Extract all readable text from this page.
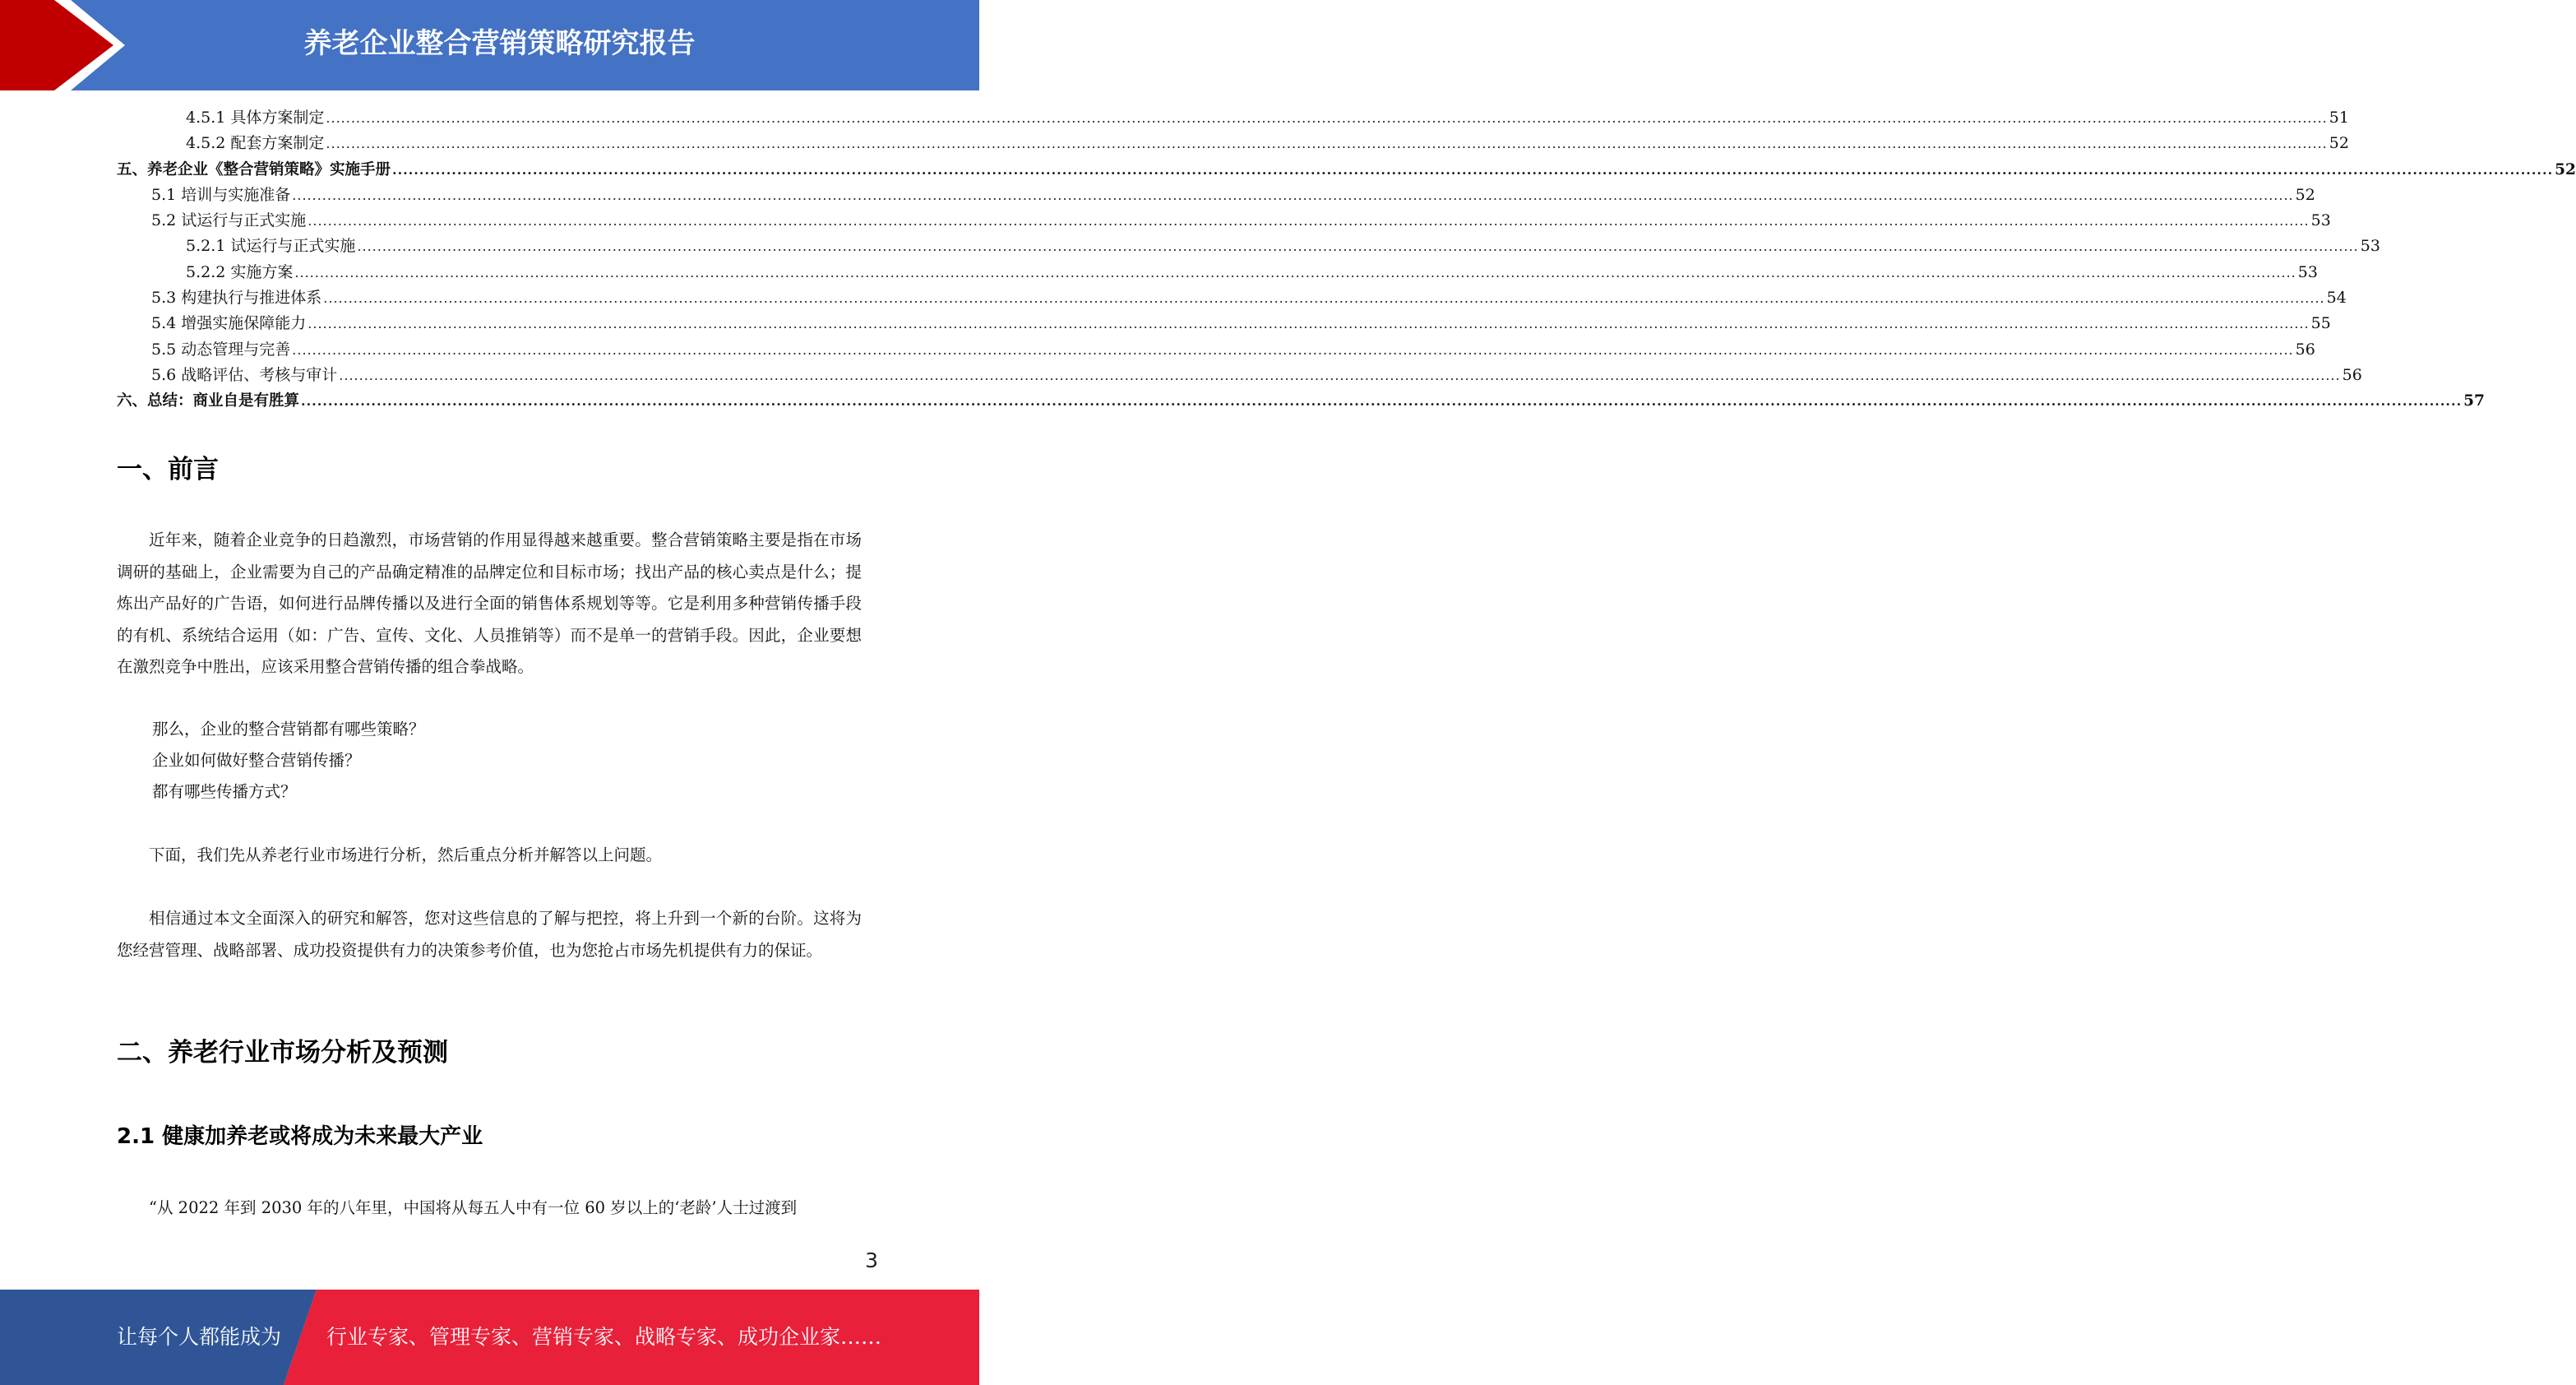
养老企业整合营销策略研究报告
4.5.1 具体方案制定 ................................................................................................................................................................................................................................................................................................................................................................................................................ 51
4.5.2 配套方案制定 ................................................................................................................................................................................................................................................................................................................................................................................................................ 52
五、养老企业《整合营销策略》实施手册 ................................................................................................................................................................................................................................................................................................................................................................................................................ 52
5.1 培训与实施准备 ................................................................................................................................................................................................................................................................................................................................................................................................................ 52
5.2 试运行与正式实施 ................................................................................................................................................................................................................................................................................................................................................................................................................ 53
5.2.1 试运行与正式实施 ................................................................................................................................................................................................................................................................................................................................................................................................................ 53
5.2.2 实施方案 ................................................................................................................................................................................................................................................................................................................................................................................................................ 53
5.3 构建执行与推进体系 ................................................................................................................................................................................................................................................................................................................................................................................................................ 54
5.4 增强实施保障能力 ................................................................................................................................................................................................................................................................................................................................................................................................................ 55
5.5 动态管理与完善 ................................................................................................................................................................................................................................................................................................................................................................................................................ 56
5.6 战略评估、考核与审计 ................................................................................................................................................................................................................................................................................................................................................................................................................ 56
六、总结：商业自是有胜算 ................................................................................................................................................................................................................................................................................................................................................................................................................ 57
一、前言

近年来，随着企业竞争的日趋激烈，市场营销的作用显得越来越重要。整合营销策略主要是指在市场调研的基础上，企业需要为自己的产品确定精准的品牌定位和目标市场；找出产品的核心卖点是什么；提炼出产品好的广告语，如何进行品牌传播以及进行全面的销售体系规划等等。它是利用多种营销传播手段的有机、系统结合运用（如：广告、宣传、文化、人员推销等）而不是单一的营销手段。因此，企业要想在激烈竞争中胜出，应该采用整合营销传播的组合拳战略。

那么，企业的整合营销都有哪些策略？

企业如何做好整合营销传播？

都有哪些传播方式？

下面，我们先从养老行业市场进行分析，然后重点分析并解答以上问题。

相信通过本文全面深入的研究和解答，您对这些信息的了解与把控，将上升到一个新的台阶。这将为您经营管理、战略部署、成功投资提供有力的决策参考价值，也为您抢占市场先机提供有力的保证。

二、养老行业市场分析及预测
2.1 健康加养老或将成为未来最大产业

“从 2022 年到 2030 年的八年里，中国将从每五人中有一位 60 岁以上的‘老龄’人士过渡到

3
让每个人都能成为 行业专家、管理专家、营销专家、战略专家、成功企业家……
